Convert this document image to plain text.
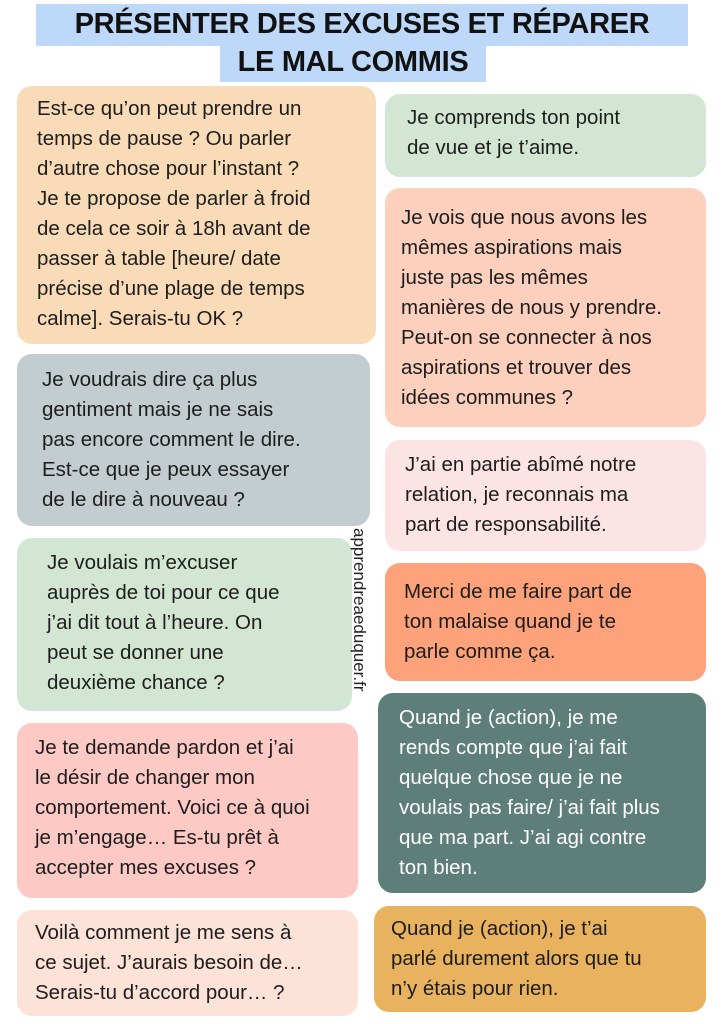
PRÉSENTER DES EXCUSES ET RÉPARER
LE MAL COMMIS
Est-ce qu’on peut prendre un
temps de pause ? Ou parler
d’autre chose pour l’instant ?
Je te propose de parler à froid
de cela ce soir à 18h avant de
passer à table [heure/ date
précise d’une plage de temps
calme]. Serais-tu OK ?
Je voudrais dire ça plus
gentiment mais je ne sais
pas encore comment le dire.
Est-ce que je peux essayer
de le dire à nouveau ?
Je voulais m’excuser
auprès de toi pour ce que
j’ai dit tout à l’heure. On
peut se donner une
deuxième chance ?
Je te demande pardon et j’ai
le désir de changer mon
comportement. Voici ce à quoi
je m’engage… Es-tu prêt à
accepter mes excuses ?
Voilà comment je me sens à
ce sujet. J’aurais besoin de…
Serais-tu d’accord pour… ?
apprendreaeduquer.fr
Je comprends ton point
de vue et je t’aime.
Je vois que nous avons les
mêmes aspirations mais
juste pas les mêmes
manières de nous y prendre.
Peut-on se connecter à nos
aspirations et trouver des
idées communes ?
J’ai en partie abîmé notre
relation, je reconnais ma
part de responsabilité.
Merci de me faire part de
ton malaise quand je te
parle comme ça.
Quand je (action), je me
rends compte que j’ai fait
quelque chose que je ne
voulais pas faire/ j’ai fait plus
que ma part. J’ai agi contre
ton bien.
Quand je (action), je t’ai
parlé durement alors que tu
n’y étais pour rien.
